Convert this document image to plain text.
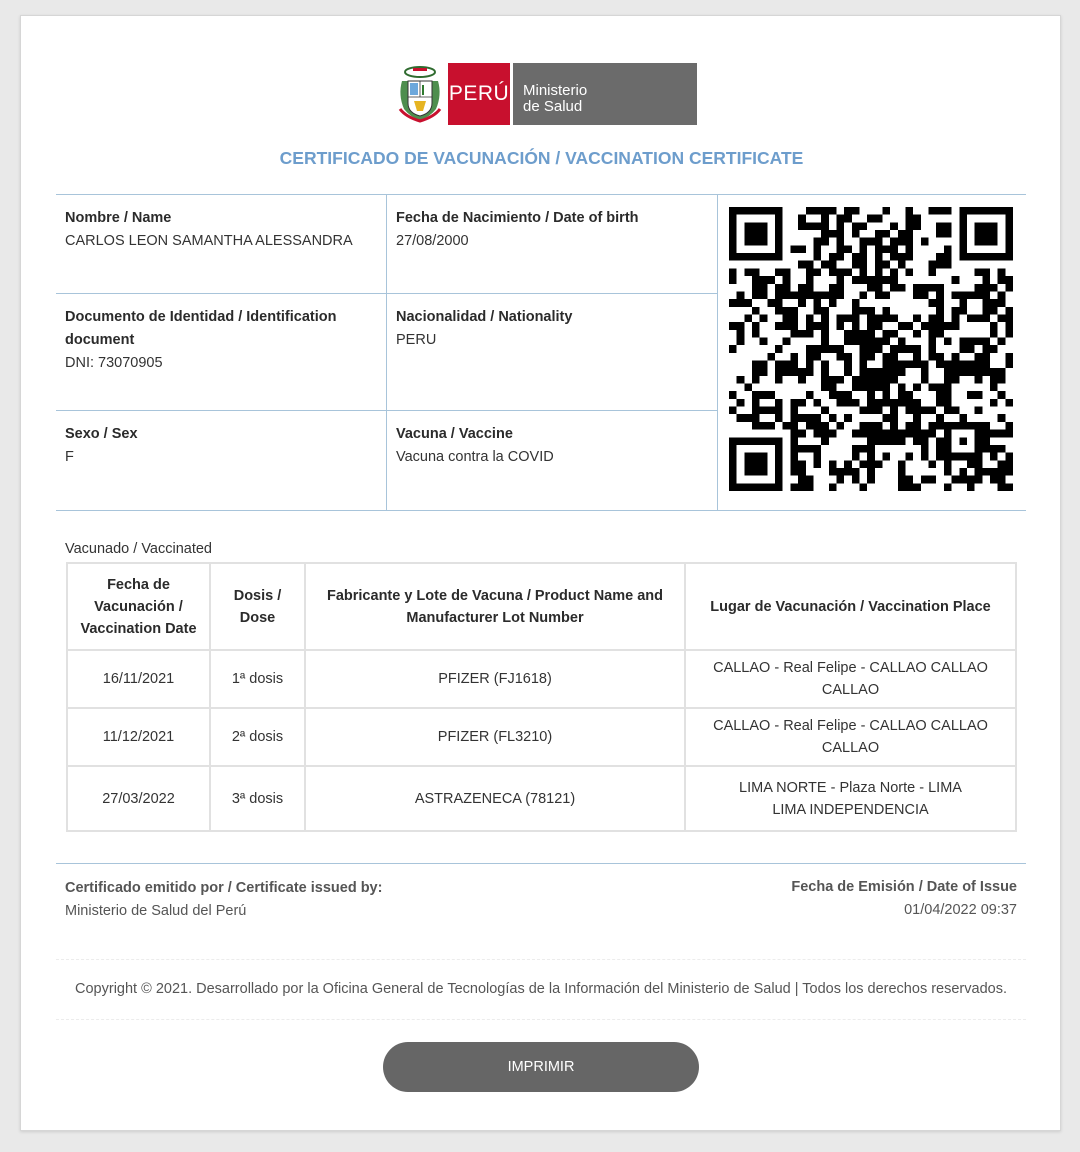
PERÚ Ministerio
de Salud
CERTIFICADO DE VACUNACIÓN / VACCINATION CERTIFICATE
Nombre / Name
CARLOS LEON SAMANTHA ALESSANDRA
Fecha de Nacimiento / Date of birth
27/08/2000
Documento de Identidad / Identification document
DNI: 73070905
Nacionalidad / Nationality
PERU
Sexo / Sex
F
Vacuna / Vaccine
Vacuna contra la COVID
Vacunado / Vaccinated
Fecha de Vacunación / Vaccination Date	Dosis / Dose	Fabricante y Lote de Vacuna / Product Name and Manufacturer Lot Number	Lugar de Vacunación / Vaccination Place
16/11/2021	1ª dosis	PFIZER (FJ1618)	CALLAO - Real Felipe - CALLAO CALLAO CALLAO
11/12/2021	2ª dosis	PFIZER (FL3210)	CALLAO - Real Felipe - CALLAO CALLAO CALLAO
27/03/2022	3ª dosis	ASTRAZENECA (78121)	LIMA NORTE - Plaza Norte - LIMA LIMA INDEPENDENCIA
Certificado emitido por / Certificate issued by:
Ministerio de Salud del Perú
Fecha de Emisión / Date of Issue
01/04/2022 09:37
Copyright © 2021. Desarrollado por la Oficina General de Tecnologías de la Información del Ministerio de Salud | Todos los derechos reservados.
IMPRIMIR
